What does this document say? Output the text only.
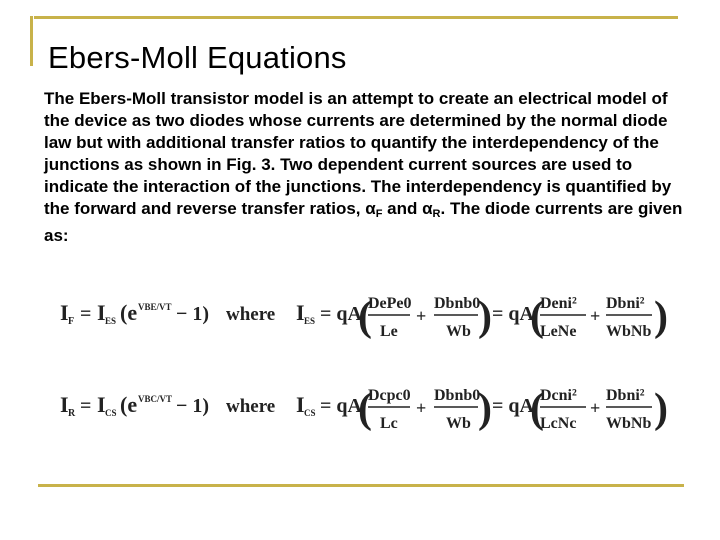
Ebers-Moll Equations
The Ebers-Moll transistor model is an attempt to create an electrical model of the device as two diodes whose currents are determined by the normal diode law but with additional transfer ratios to quantify the interdependency of the junctions as shown in Fig. 3. Two dependent current sources are used to indicate the interaction of the junctions. The interdependency is quantified by the forward and reverse transfer ratios, $\alpha_F$ and $\alpha_R$. The diode currents are given as:
I F = I ES (e VBE/VT − 1) where I ES = qA
(
DePe0
Le
+
Dbnb0
Wb ) = qA
(
Deni²
LeNe
+
Dbni²
WbNb )
I R = I CS (e VBC/VT − 1) where I CS = qA
(
Dcpc0
Lc
+
Dbnb0
Wb ) = qA
(
Dcni²
LcNc
+
Dbni²
WbNb )
